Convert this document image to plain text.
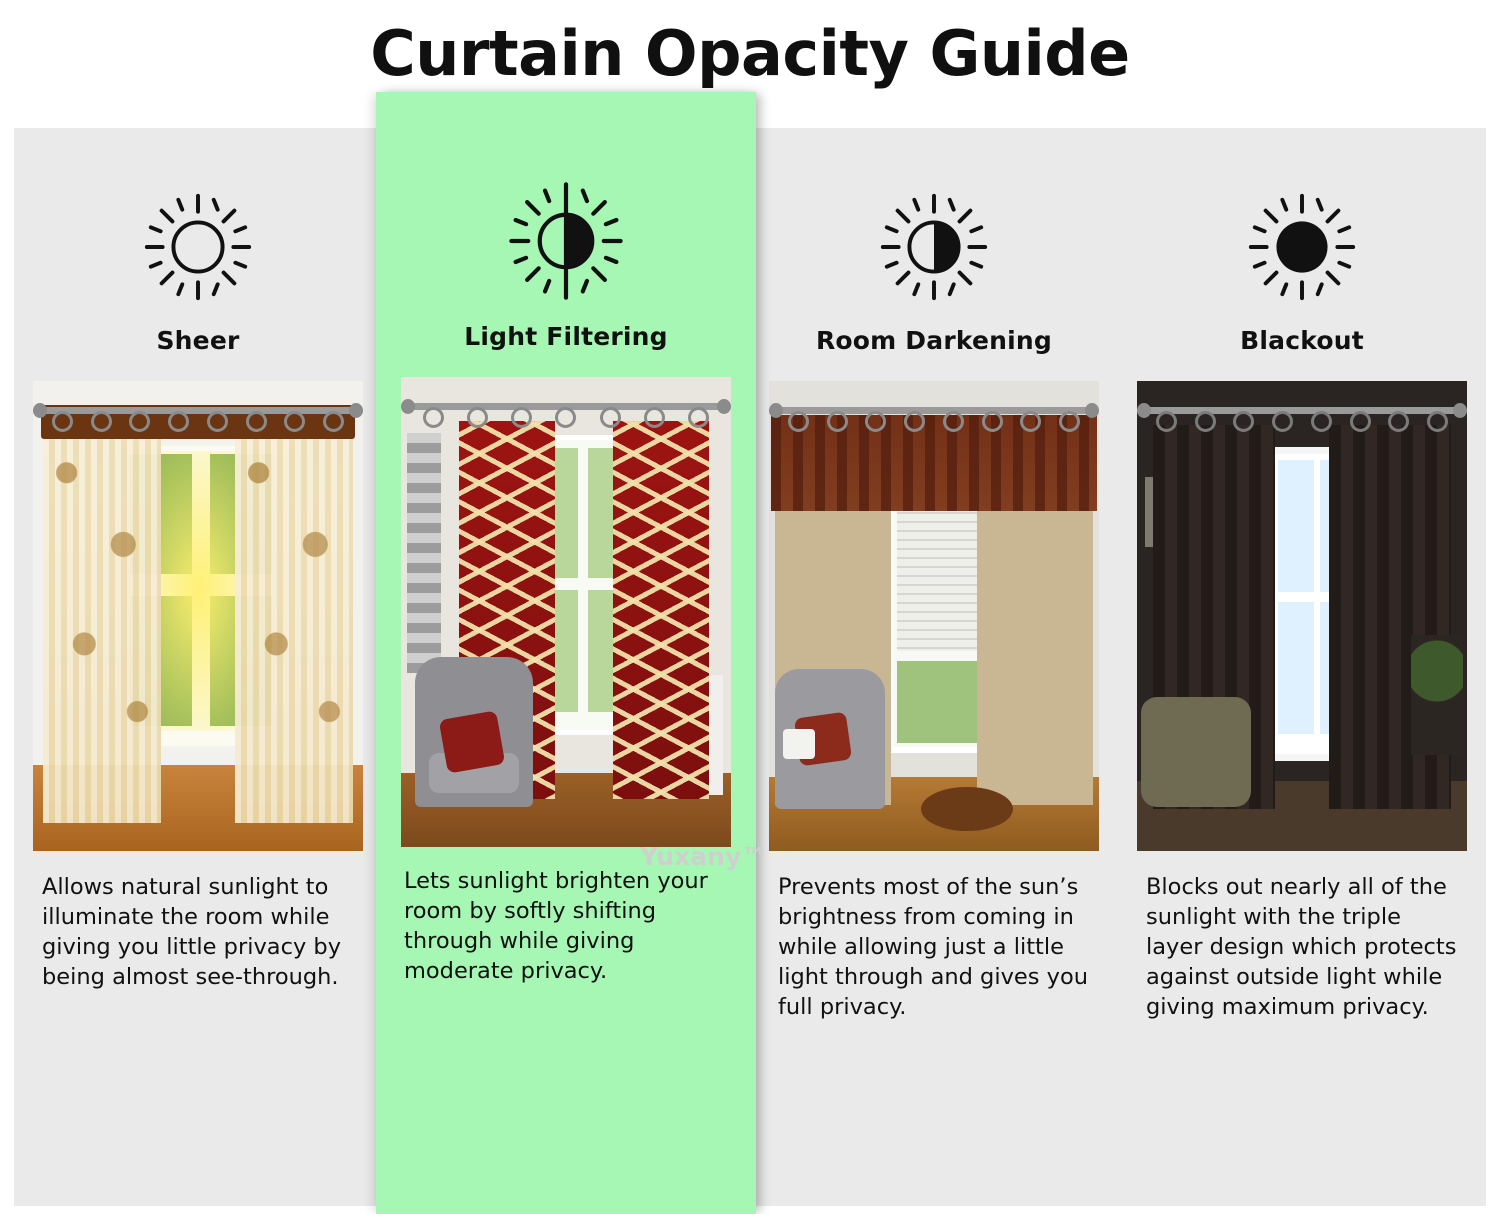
Curtain Opacity Guide
Sheer
Allows natural sunlight to illuminate the room while giving you little privacy by being almost see-through.
Light Filtering
Lets sunlight brighten your room by softly shifting through while giving moderate privacy.
Room Darkening
Prevents most of the sun’s brightness from coming in while allowing just a little light through and gives you full privacy.
Blackout
Blocks out nearly all of the sunlight with the triple layer design which protects against outside light while giving maximum privacy.
Yuxany™
